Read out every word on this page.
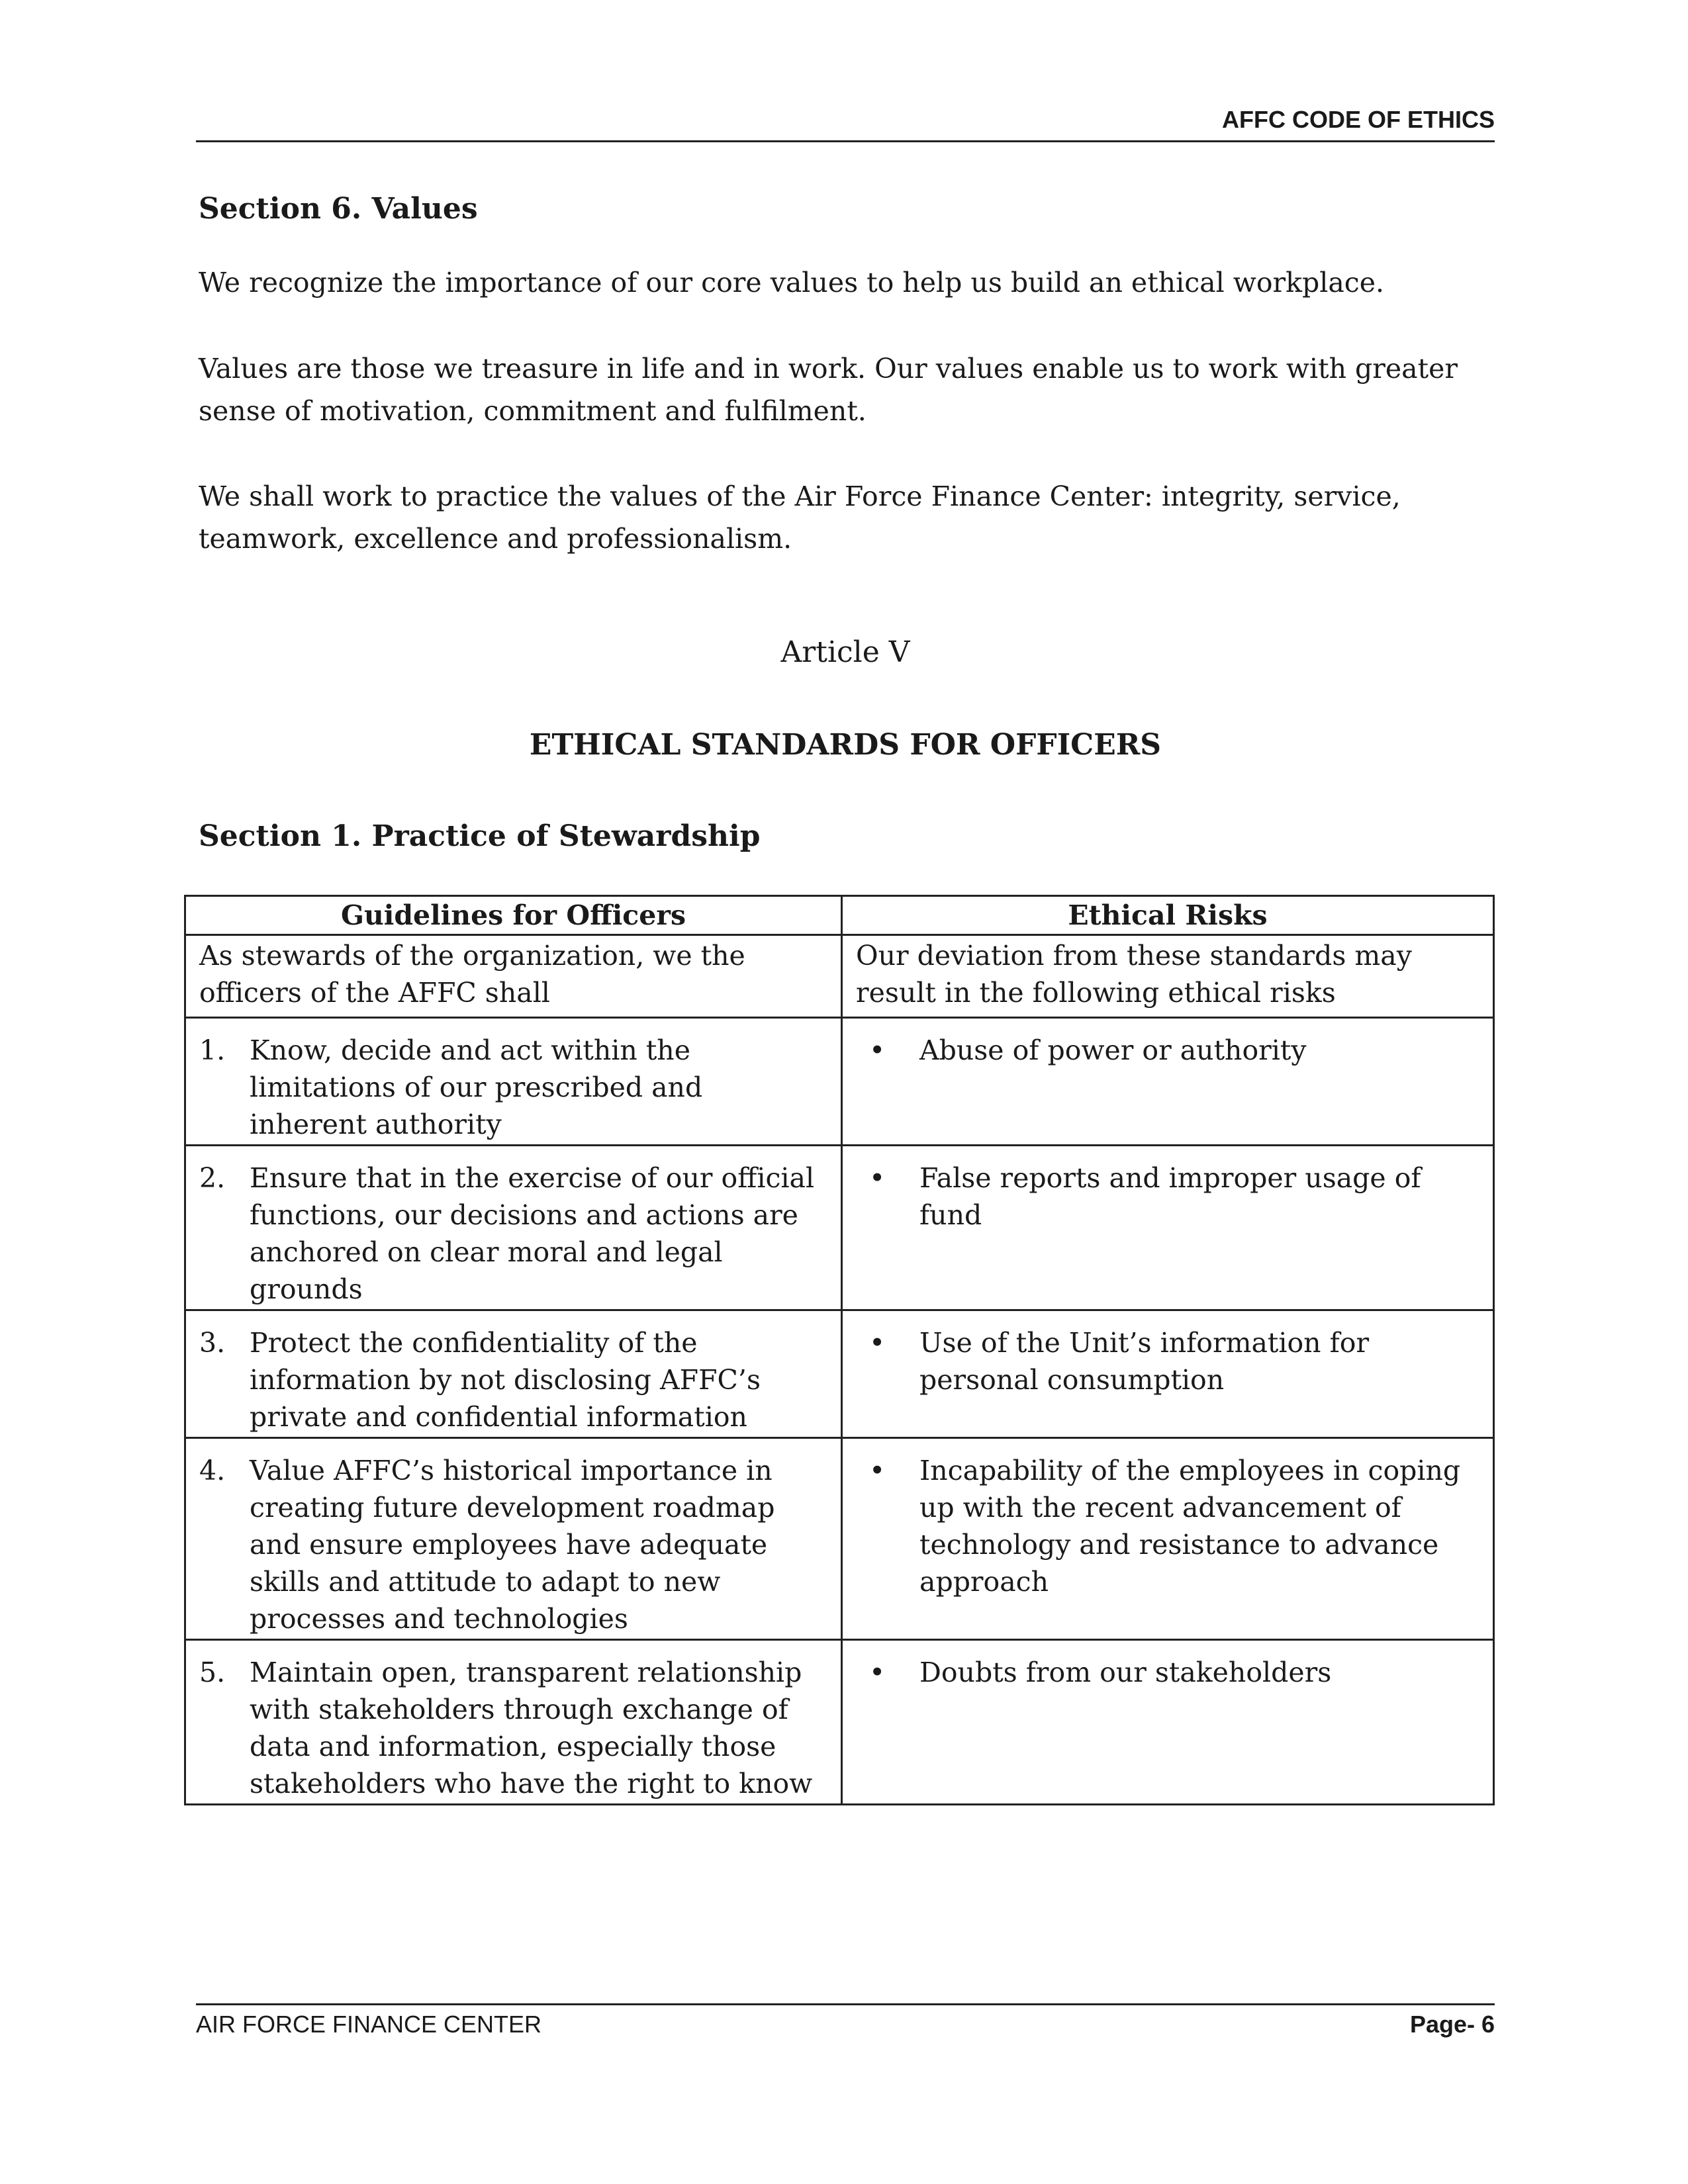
AFFC CODE OF ETHICS
Section 6. Values

We recognize the importance of our core values to help us build an ethical workplace.

Values are those we treasure in life and in work. Our values enable us to work with greater sense of motivation, commitment and fulfilment.

We shall work to practice the values of the Air Force Finance Center: integrity, service, teamwork, excellence and professionalism.

Article V
ETHICAL STANDARDS FOR OFFICERS
Section 1. Practice of Stewardship
Guidelines for Officers	Ethical Risks
As stewards of the organization, we the officers of the AFFC shall	Our deviation from these standards may result in the following ethical risks

1. Know, decide and act within the limitations of our prescribed and inherent authority	• Abuse of power or authority

2. Ensure that in the exercise of our official functions, our decisions and actions are anchored on clear moral and legal grounds	• False reports and improper usage of fund

3. Protect the confidentiality of the information by not disclosing AFFC’s private and confidential information	• Use of the Unit’s information for personal consumption

4. Value AFFC’s historical importance in creating future development roadmap and ensure employees have adequate skills and attitude to adapt to new processes and technologies	• Incapability of the employees in coping up with the recent advancement of technology and resistance to advance approach

5. Maintain open, transparent relationship with stakeholders through exchange of data and information, especially those stakeholders who have the right to know	• Doubts from our stakeholders
AIR FORCE FINANCE CENTER	Page- 6
